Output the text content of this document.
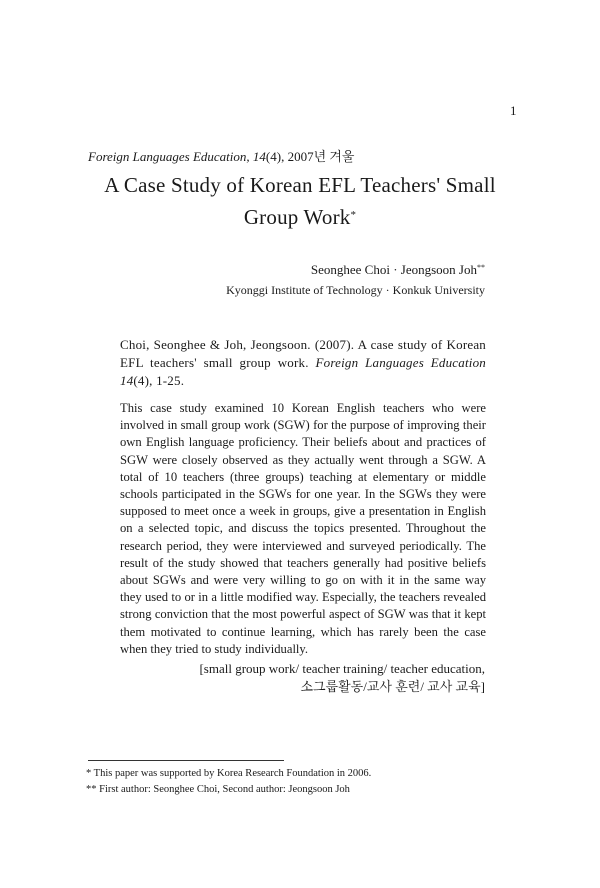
1
Foreign Languages Education, 14(4), 2007년 겨울
A Case Study of Korean EFL Teachers' Small
Group Work*
Seonghee Choi · Jeongsoon Joh**
Kyonggi Institute of Technology · Konkuk University
Choi, Seonghee & Joh, Jeongsoon. (2007). A case study of Korean EFL teachers' small group work. Foreign Languages Education 14(4), 1-25.
This case study examined 10 Korean English teachers who were involved in small group work (SGW) for the purpose of improving their own English language proficiency. Their beliefs about and practices of SGW were closely observed as they actually went through a SGW. A total of 10 teachers (three groups) teaching at elementary or middle schools participated in the SGWs for one year. In the SGWs they were supposed to meet once a week in groups, give a presentation in English on a selected topic, and discuss the topics presented. Throughout the research period, they were interviewed and surveyed periodically. The result of the study showed that teachers generally had positive beliefs about SGWs and were very willing to go on with it in the same way they used to or in a little modified way. Especially, the teachers revealed strong conviction that the most powerful aspect of SGW was that it kept them motivated to continue learning, which has rarely been the case when they tried to study individually.
[small group work/ teacher training/ teacher education,
소그룹활동/교사 훈련/ 교사 교육]
* This paper was supported by Korea Research Foundation in 2006.
** First author: Seonghee Choi, Second author: Jeongsoon Joh
